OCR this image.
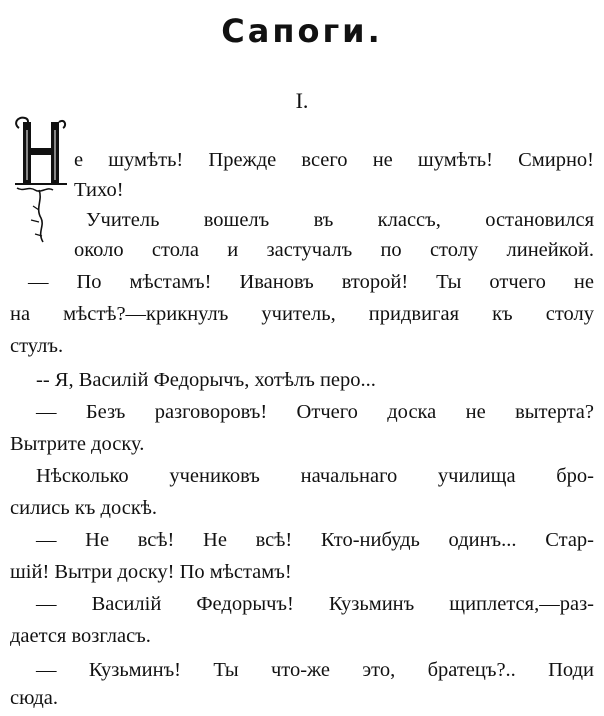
Сапоги.
I.
е шумѣть! Прежде всего не шумѣть! Смирно!
Тихо!
Учитель вошелъ въ классъ, остановился
около стола и застучалъ по столу линейкой.
— По мѣстамъ! Ивановъ второй! Ты отчего не
на мѣстѣ?—крикнулъ учитель, придвигая къ столу
стулъ.
-- Я, Василій Федорычъ, хотѣлъ перо...
— Безъ разговоровъ! Отчего доска не вытерта?
Вытрите доску.
Нѣсколько учениковъ начальнаго училища бро-
сились къ доскѣ.
— Не всѣ! Не всѣ! Кто-нибудь одинъ... Стар-
шій! Вытри доску! По мѣстамъ!
— Василій Федорычъ! Кузьминъ щиплется,—раз-
дается возгласъ.
— Кузьминъ! Ты что-же это, братецъ?.. Поди
сюда.
